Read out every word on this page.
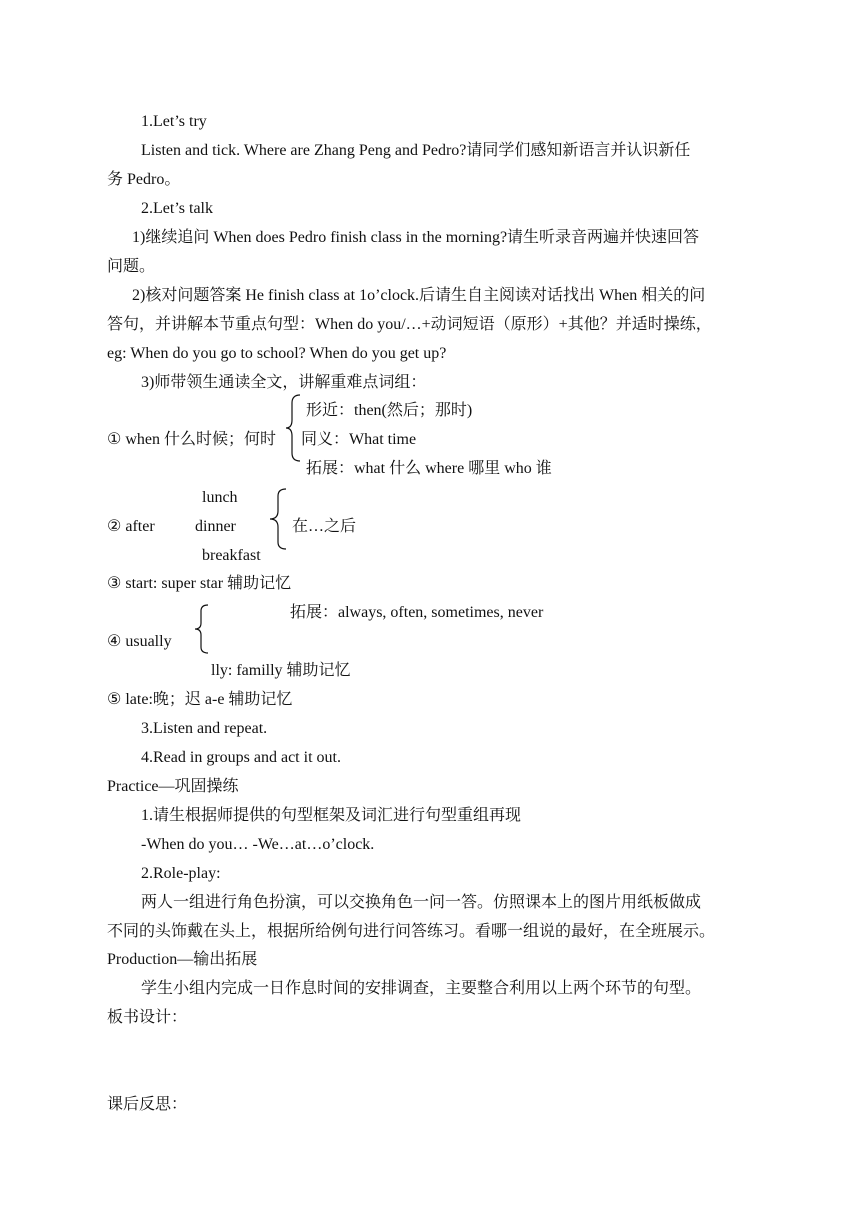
1.Let’s try
Listen and tick. Where are Zhang Peng and Pedro?请同学们感知新语言并认识新任
务 Pedro。
2.Let’s talk
1)继续追问 When does Pedro finish class in the morning?请生听录音两遍并快速回答
问题。
2)核对问题答案 He finish class at 1o’clock.后请生自主阅读对话找出 When 相关的问
答句，并讲解本节重点句型：When do you/…+动词短语（原形）+其他？并适时操练，
eg: When do you go to school? When do you get up?
3)师带领生通读全文，讲解重难点词组：
形近：then(然后；那时)
① when 什么时候；何时 同义：What time
拓展：what 什么 where 哪里 who 谁
lunch
② after	dinner	在…之后
breakfast
③ start: super star 辅助记忆
拓展：always, often, sometimes, never
④ usually
lly: familly 辅助记忆
⑤ late:晚；迟 a-e 辅助记忆
3.Listen and repeat.
4.Read in groups and act it out.
Practice—巩固操练
1.请生根据师提供的句型框架及词汇进行句型重组再现
-When do you… -We…at…o’clock.
2.Role-play:
两人一组进行角色扮演，可以交换角色一问一答。仿照课本上的图片用纸板做成
不同的头饰戴在头上，根据所给例句进行问答练习。看哪一组说的最好，在全班展示。
Production—输出拓展
学生小组内完成一日作息时间的安排调查，主要整合利用以上两个环节的句型。
板书设计：
课后反思：
